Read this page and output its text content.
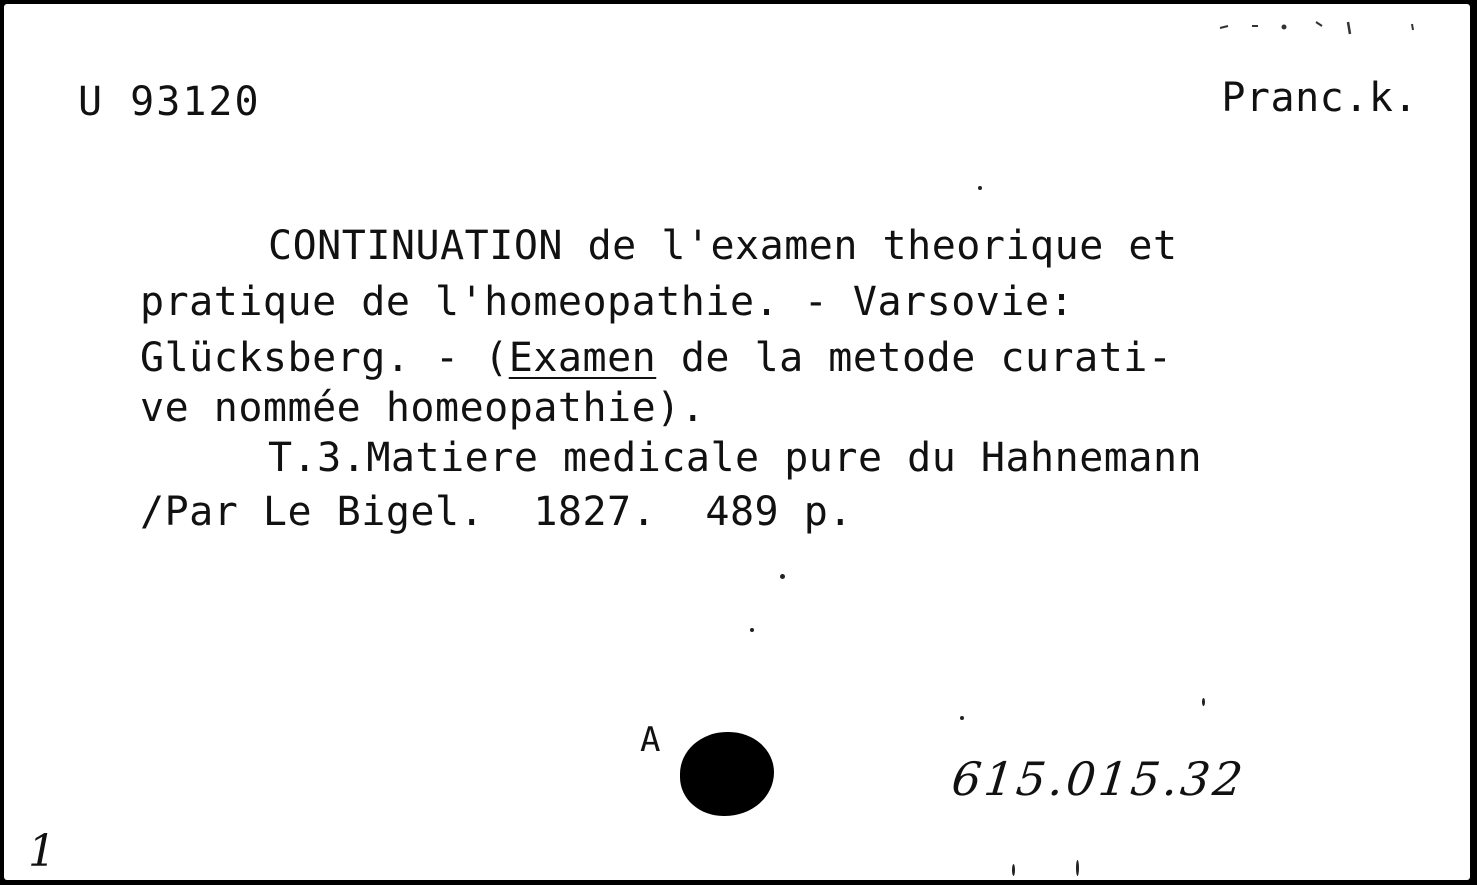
U 93120	Pranc.k.
CONTINUATION de l'examen theorique et
pratique de l'homeopathie. - Varsovie:
Glücksberg. - (Examen de la metode curati-
ve nommée homeopathie).
T.3.Matiere medicale pure du Hahnemann
/Par Le Bigel.  1827.  489 p.
A
615.015.32
1
